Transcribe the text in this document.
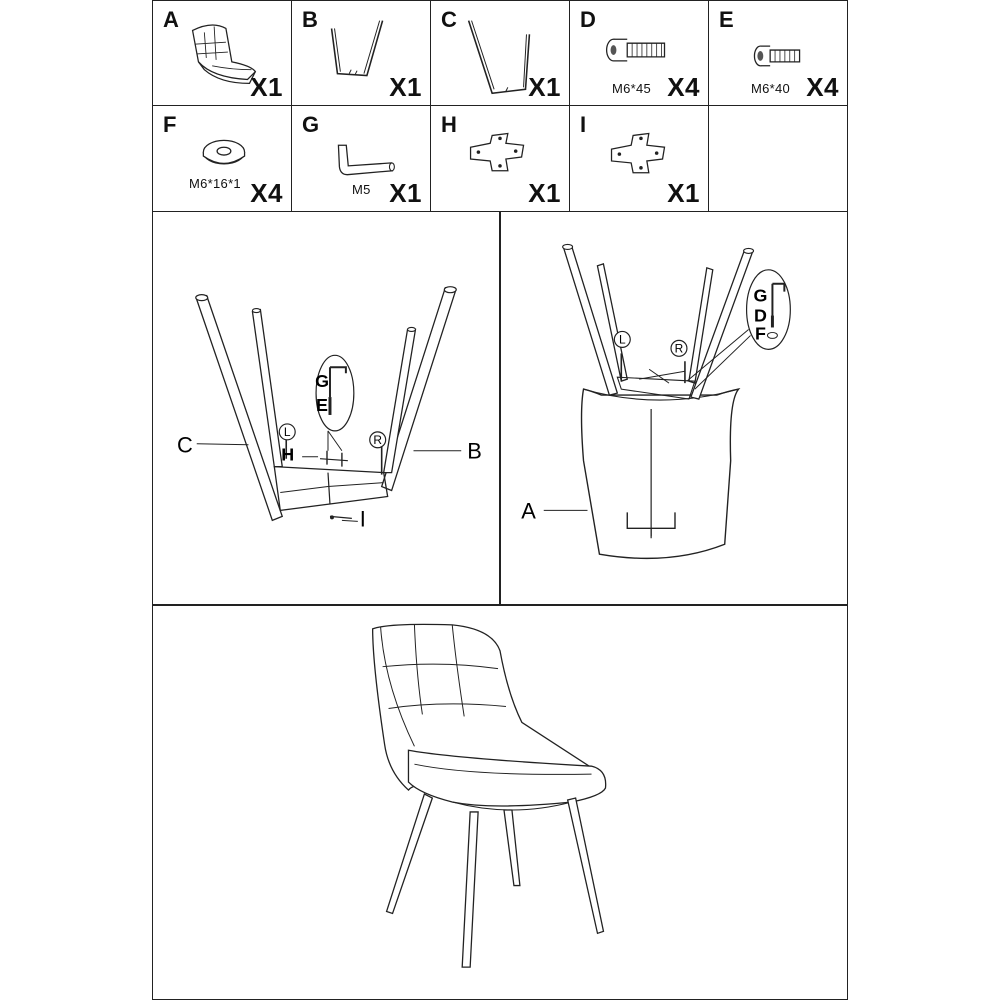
A
X1
B
X1
C
X1
D
M6*45 X4
E
M6*40 X4
F
M6*16*1 X4
G
M5 X1
H
X1
I
X1
L
R
G
E
C	B
H
I
L
R
G
D
F
A
